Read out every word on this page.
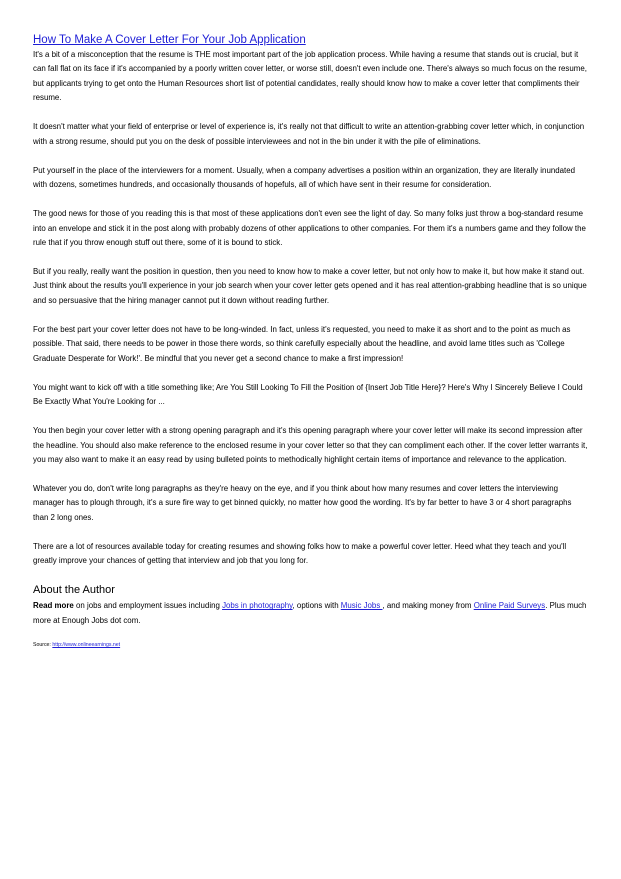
How To Make A Cover Letter For Your Job Application

It's a bit of a misconception that the resume is THE most important part of the job application process. While having a resume that stands out is crucial, but it can fall flat on its face if it's accompanied by a poorly written cover letter, or worse still, doesn't even include one. There's always so much focus on the resume, but applicants trying to get onto the Human Resources short list of potential candidates, really should know how to make a cover letter that compliments their resume.

It doesn't matter what your field of enterprise or level of experience is, it's really not that difficult to write an attention-grabbing cover letter which, in conjunction with a strong resume, should put you on the desk of possible interviewees and not in the bin under it with the pile of eliminations.

Put yourself in the place of the interviewers for a moment. Usually, when a company advertises a position within an organization, they are literally inundated with dozens, sometimes hundreds, and occasionally thousands of hopefuls, all of which have sent in their resume for consideration.

The good news for those of you reading this is that most of these applications don't even see the light of day. So many folks just throw a bog-standard resume into an envelope and stick it in the post along with probably dozens of other applications to other companies. For them it's a numbers game and they follow the rule that if you throw enough stuff out there, some of it is bound to stick.

But if you really, really want the position in question, then you need to know how to make a cover letter, but not only how to make it, but how make it stand out. Just think about the results you'll experience in your job search when your cover letter gets opened and it has real attention-grabbing headline that is so unique and so persuasive that the hiring manager cannot put it down without reading further.

For the best part your cover letter does not have to be long-winded. In fact, unless it's requested, you need to make it as short and to the point as much as possible. That said, there needs to be power in those there words, so think carefully especially about the headline, and avoid lame titles such as 'College Graduate Desperate for Work!'. Be mindful that you never get a second chance to make a first impression!

You might want to kick off with a title something like; Are You Still Looking To Fill the Position of {Insert Job Title Here}? Here's Why I Sincerely Believe I Could Be Exactly What You're Looking for ...

You then begin your cover letter with a strong opening paragraph and it's this opening paragraph where your cover letter will make its second impression after the headline. You should also make reference to the enclosed resume in your cover letter so that they can compliment each other. If the cover letter warrants it, you may also want to make it an easy read by using bulleted points to methodically highlight certain items of importance and relevance to the application.

Whatever you do, don't write long paragraphs as they're heavy on the eye, and if you think about how many resumes and cover letters the interviewing manager has to plough through, it's a sure fire way to get binned quickly, no matter how good the wording. It's by far better to have 3 or 4 short paragraphs than 2 long ones.

There are a lot of resources available today for creating resumes and showing folks how to make a powerful cover letter. Heed what they teach and you'll greatly improve your chances of getting that interview and job that you long for.

About the Author

Read more on jobs and employment issues including Jobs in photography, options with Music Jobs , and making money from Online Paid Surveys. Plus much more at Enough Jobs dot com.

Source: http://www.onlineearnings.net
